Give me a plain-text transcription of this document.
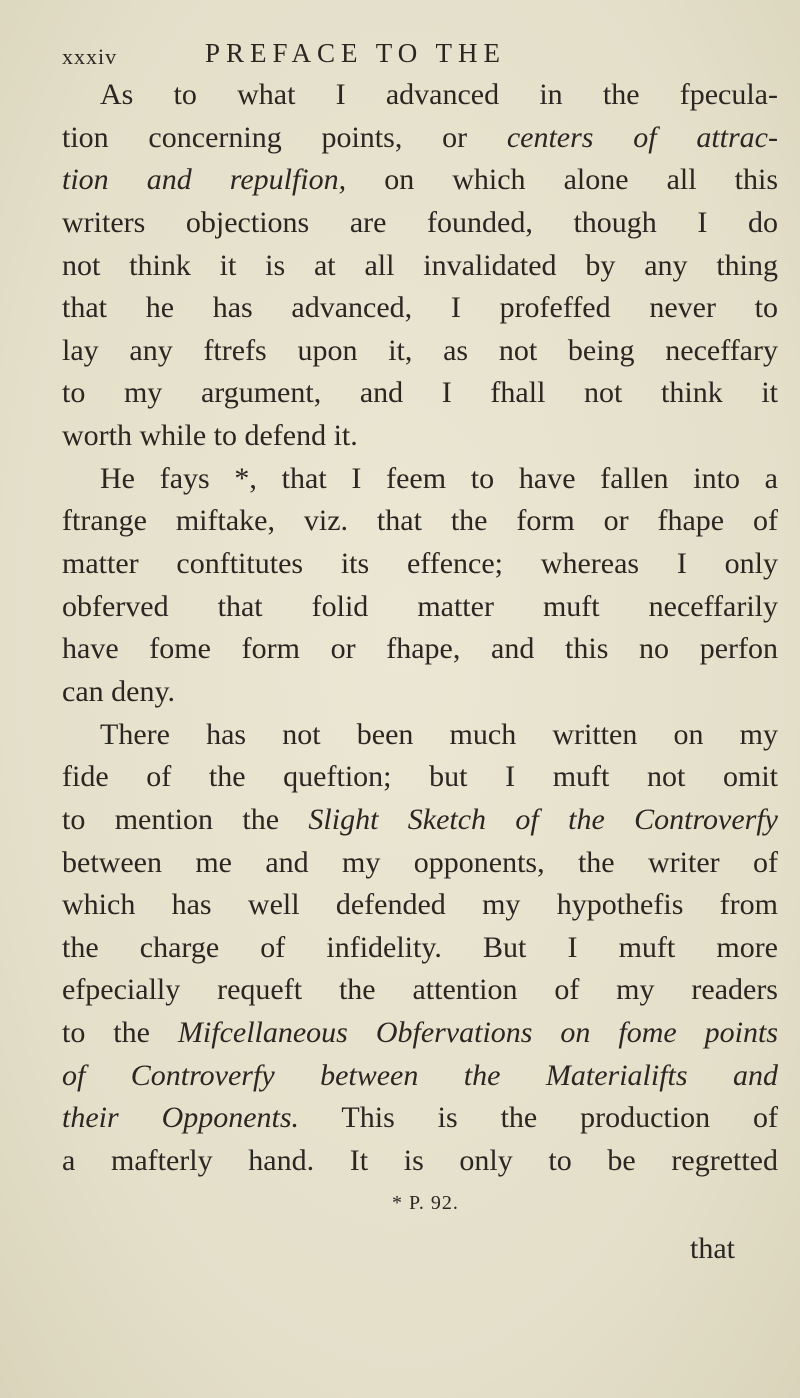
xxxiv	PREFACE TO THE
As to what I advanced in the fpecula-
tion concerning points, or centers of attrac-
tion and repulfion, on which alone all this
writers objections are founded, though I do
not think it is at all invalidated by any thing
that he has advanced, I profeffed never to
lay any ftrefs upon it, as not being neceffary
to my argument, and I fhall not think it
worth while to defend it.
He fays *, that I feem to have fallen into a
ftrange miftake, viz. that the form or fhape of
matter conftitutes its effence; whereas I only
obferved that folid matter muft neceffarily
have fome form or fhape, and this no perfon
can deny.
There has not been much written on my
fide of the queftion; but I muft not omit
to mention the Slight Sketch of the Controverfy
between me and my opponents, the writer of
which has well defended my hypothefis from
the charge of infidelity. But I muft more
efpecially requeft the attention of my readers
to the Mifcellaneous Obfervations on fome points
of Controverfy between the Materialifts and
their Opponents. This is the production of
a mafterly hand. It is only to be regretted
* P. 92.
that
